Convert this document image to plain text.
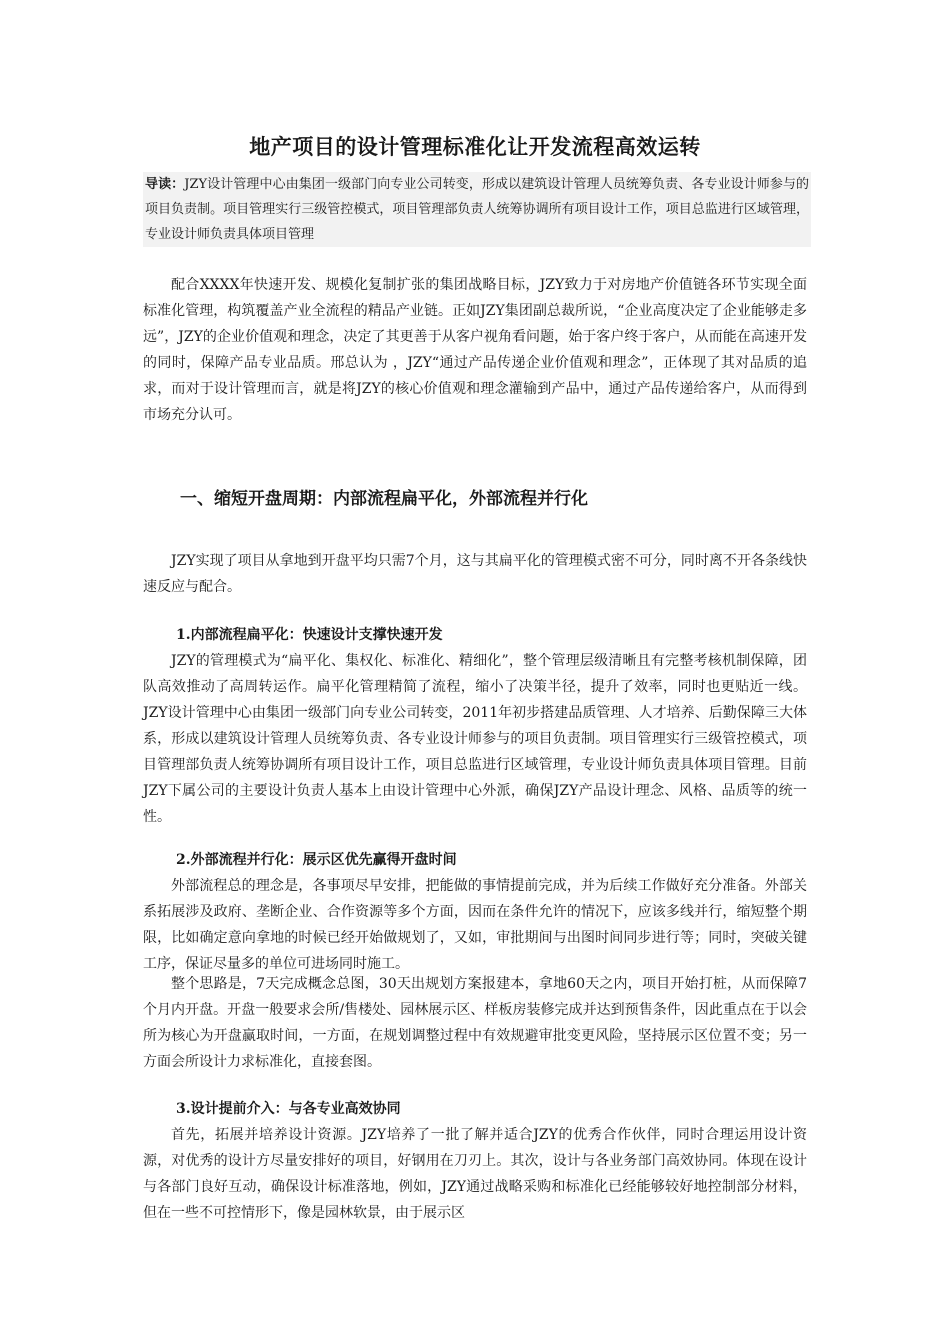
地产项目的设计管理标准化让开发流程高效运转

导读：JZY设计管理中心由集团一级部门向专业公司转变，形成以建筑设计管理人员统筹负责、各专业设计师参与的项目负责制。项目管理实行三级管控模式，项目管理部负责人统筹协调所有项目设计工作，项目总监进行区域管理，专业设计师负责具体项目管理

配合XXXX年快速开发、规模化复制扩张的集团战略目标，JZY致力于对房地产价值链各环节实现全面标准化管理，构筑覆盖产业全流程的精品产业链。正如JZY集团副总裁所说，“企业高度决定了企业能够走多远”，JZY的企业价值观和理念，决定了其更善于从客户视角看问题，始于客户终于客户，从而能在高速开发的同时，保障产品专业品质。邢总认为 ，JZY“通过产品传递企业价值观和理念”，正体现了其对品质的追求，而对于设计管理而言，就是将JZY的核心价值观和理念灌输到产品中，通过产品传递给客户，从而得到市场充分认可。

一、缩短开盘周期：内部流程扁平化，外部流程并行化

JZY实现了项目从拿地到开盘平均只需7个月，这与其扁平化的管理模式密不可分，同时离不开各条线快速反应与配合。

1.内部流程扁平化：快速设计支撑快速开发

JZY的管理模式为“扁平化、集权化、标准化、精细化”，整个管理层级清晰且有完整考核机制保障，团队高效推动了高周转运作。扁平化管理精简了流程，缩小了决策半径，提升了效率，同时也更贴近一线。JZY设计管理中心由集团一级部门向专业公司转变，2011年初步搭建品质管理、人才培养、后勤保障三大体系，形成以建筑设计管理人员统筹负责、各专业设计师参与的项目负责制。项目管理实行三级管控模式，项目管理部负责人统筹协调所有项目设计工作，项目总监进行区域管理，专业设计师负责具体项目管理。目前JZY下属公司的主要设计负责人基本上由设计管理中心外派，确保JZY产品设计理念、风格、品质等的统一性。

2.外部流程并行化：展示区优先赢得开盘时间

外部流程总的理念是，各事项尽早安排，把能做的事情提前完成，并为后续工作做好充分准备。外部关系拓展涉及政府、垄断企业、合作资源等多个方面，因而在条件允许的情况下，应该多线并行，缩短整个期限，比如确定意向拿地的时候已经开始做规划了，又如，审批期间与出图时间同步进行等；同时，突破关键工序，保证尽量多的单位可进场同时施工。

整个思路是，7天完成概念总图，30天出规划方案报建本，拿地60天之内，项目开始打桩，从而保障7个月内开盘。开盘一般要求会所/售楼处、园林展示区、样板房装修完成并达到预售条件，因此重点在于以会所为核心为开盘赢取时间，一方面，在规划调整过程中有效规避审批变更风险，坚持展示区位置不变；另一方面会所设计力求标准化，直接套图。

3.设计提前介入：与各专业高效协同

首先，拓展并培养设计资源。JZY培养了一批了解并适合JZY的优秀合作伙伴，同时合理运用设计资源，对优秀的设计方尽量安排好的项目，好钢用在刀刃上。其次，设计与各业务部门高效协同。体现在设计与各部门良好互动，确保设计标准落地，例如，JZY通过战略采购和标准化已经能够较好地控制部分材料，但在一些不可控情形下，像是园林软景，由于展示区
